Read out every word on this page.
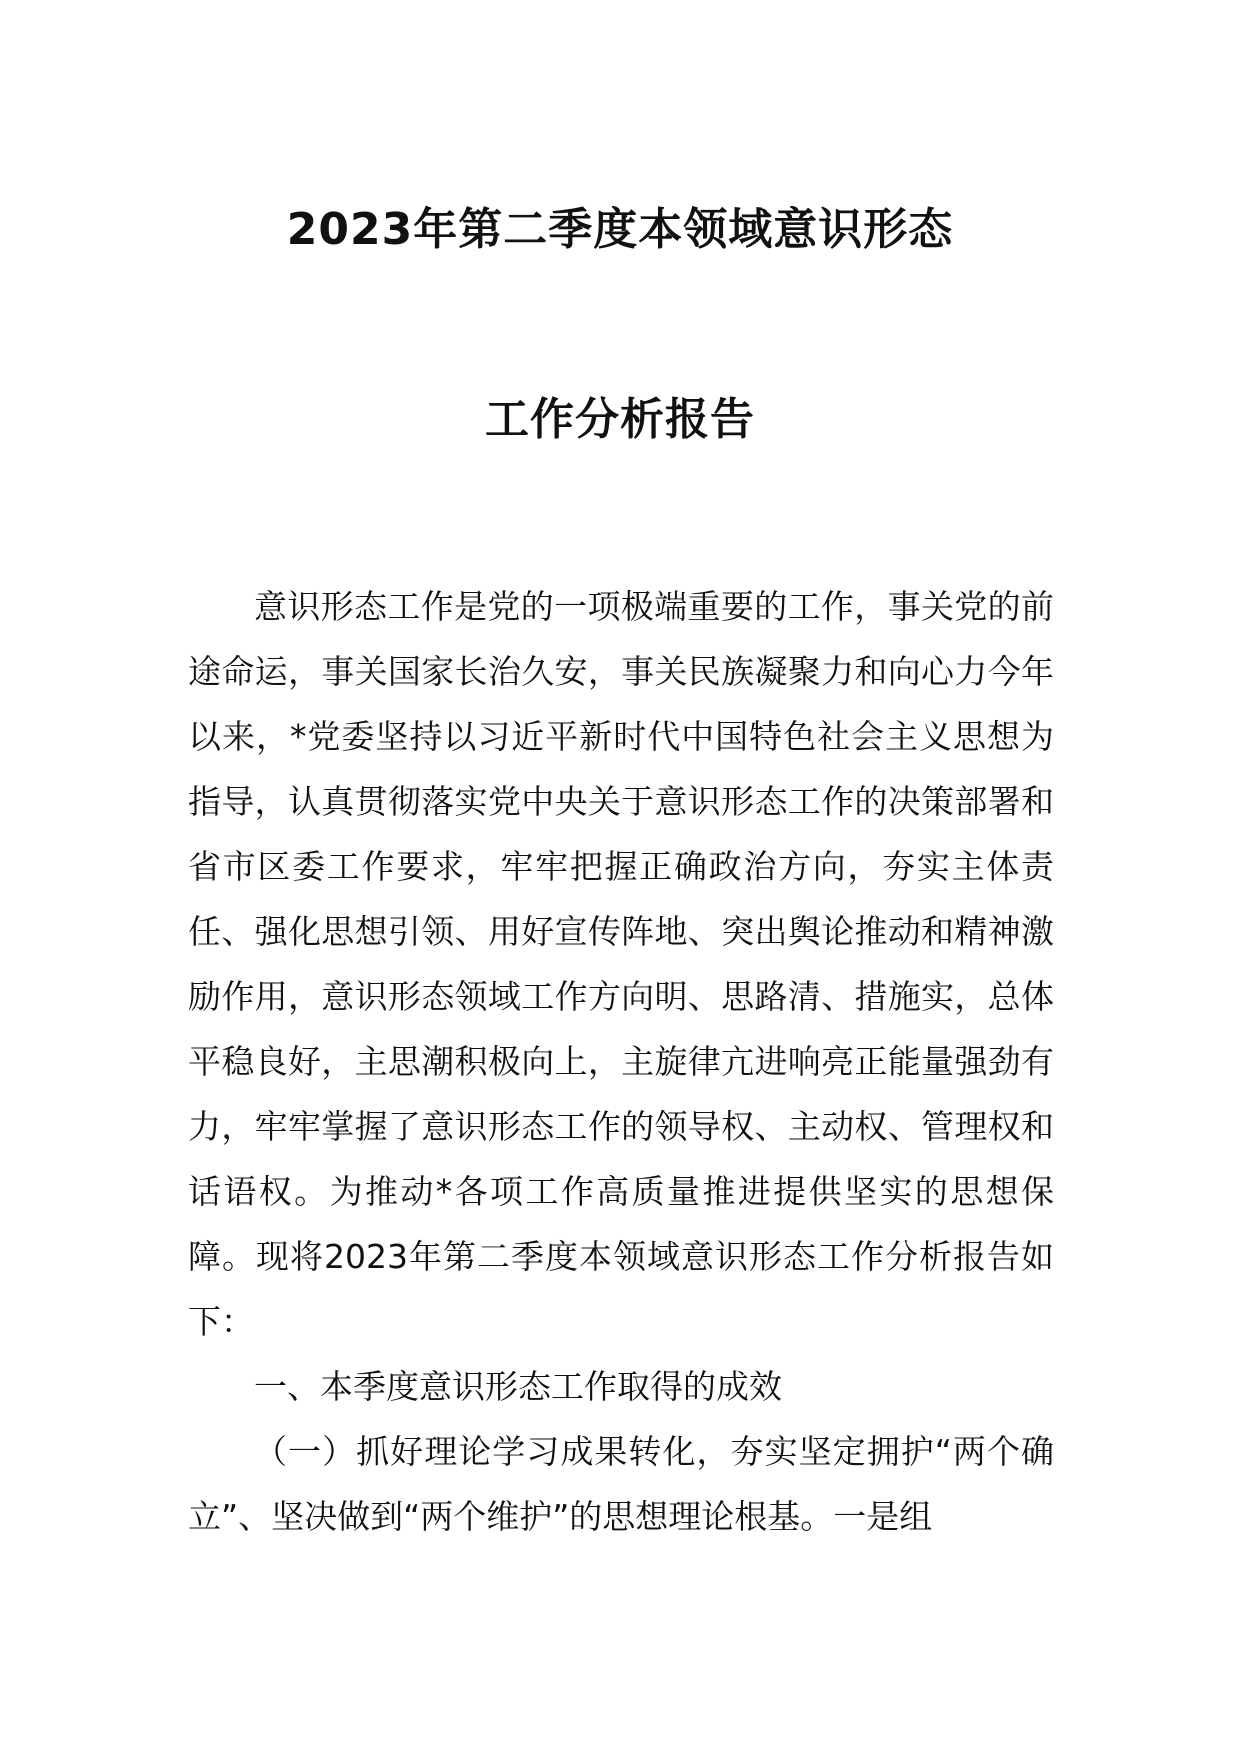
2023年第二季度本领域意识形态
工作分析报告

意识形态工作是党的一项极端重要的工作，事关党的前途命运，事关国家长治久安，事关民族凝聚力和向心力今年以来，*党委坚持以习近平新时代中国特色社会主义思想为指导，认真贯彻落实党中央关于意识形态工作的决策部署和省市区委工作要求，牢牢把握正确政治方向，夯实主体责任、强化思想引领、用好宣传阵地、突出舆论推动和精神激励作用，意识形态领域工作方向明、思路清、措施实，总体平稳良好，主思潮积极向上，主旋律亢进响亮正能量强劲有力，牢牢掌握了意识形态工作的领导权、主动权、管理权和话语权。为推动*各项工作高质量推进提供坚实的思想保障。现将2023年第二季度本领域意识形态工作分析报告如下：

一、本季度意识形态工作取得的成效

（一）抓好理论学习成果转化，夯实坚定拥护“两个确立”、坚决做到“两个维护”的思想理论根基。一是组
